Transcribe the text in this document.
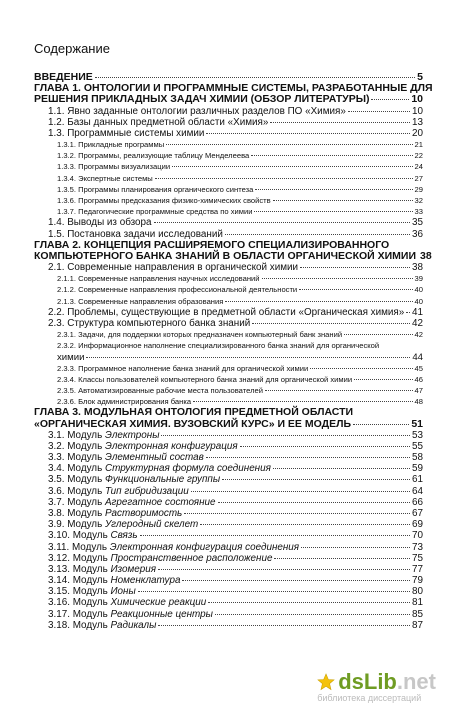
Содержание
ВВЕДЕНИЕ	5
ГЛАВА 1. ОНТОЛОГИИ И ПРОГРАММНЫЕ СИСТЕМЫ, РАЗРАБОТАННЫЕ ДЛЯ
РЕШЕНИЯ ПРИКЛАДНЫХ ЗАДАЧ ХИМИИ (ОБЗОР ЛИТЕРАТУРЫ)	10
1.1. Явно заданные онтологии различных разделов ПО «Химия»	10
1.2. Базы данных предметной области «Химия»	13
1.3. Программные системы химии	20
1.3.1. Прикладные программы	21
1.3.2. Программы, реализующие таблицу Менделеева	22
1.3.3. Программы визуализации	24
1.3.4. Экспертные системы	27
1.3.5. Программы планирования органического синтеза	29
1.3.6. Программы предсказания физико-химических свойств	32
1.3.7. Педагогические программные средства по химии	33
1.4. Выводы из обзора	35
1.5. Постановка задачи исследований	36
ГЛАВА 2. КОНЦЕПЦИЯ РАСШИРЯЕМОГО СПЕЦИАЛИЗИРОВАННОГО
КОМПЬЮТЕРНОГО БАНКА ЗНАНИЙ В ОБЛАСТИ ОРГАНИЧЕСКОЙ ХИМИИ 38
2.1. Современные направления в органической химии	38
2.1.1. Современные направления научных исследований	39
2.1.2. Современные направления профессиональной деятельности	40
2.1.3. Современные направления образования	40
2.2. Проблемы, существующие в предметной области «Органическая химия» 41
2.3. Структура компьютерного банка знаний	42
2.3.1. Задачи, для поддержки которых предназначен компьютерный банк знаний	42
2.3.2. Информационное наполнение специализированного банка знаний для органической
химии	44
2.3.3. Программное наполнение банка знаний для органической химии	45
2.3.4. Классы пользователей компьютерного банка знаний для органической химии	46
2.3.5. Автоматизированные рабочие места пользователей	47
2.3.6. Блок администрирования банка	48
ГЛАВА 3. МОДУЛЬНАЯ ОНТОЛОГИЯ ПРЕДМЕТНОЙ ОБЛАСТИ
«ОРГАНИЧЕСКАЯ ХИМИЯ. ВУЗОВСКИЙ КУРС» И ЕЕ МОДЕЛЬ	51
3.1. Модуль Электроны	53
3.2. Модуль Электронная конфигурация	55
3.3. Модуль Элементный состав	58
3.4. Модуль Структурная формула соединения	59
3.5. Модуль Функциональные группы	61
3.6. Модуль Тип гибридизации	64
3.7. Модуль Агрегатное состояние	66
3.8. Модуль Растворимость	67
3.9. Модуль Углеродный скелет	69
3.10. Модуль Связь	70
3.11. Модуль Электронная конфигурация соединения	73
3.12. Модуль Пространственное расположение	75
3.13. Модуль Изомерия	77
3.14. Модуль Номенклатура	79
3.15. Модуль Ионы	80
3.16. Модуль Химические реакции	81
3.17. Модуль Реакционные центры	85
3.18. Модуль Радикалы	87
dsLib .net
библиотека диссертаций
